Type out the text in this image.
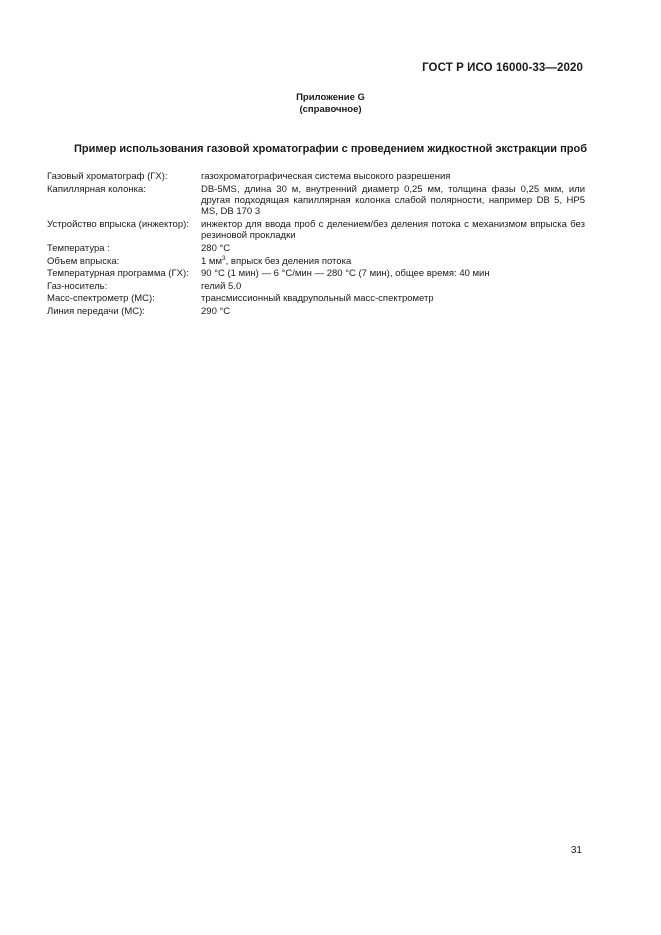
ГОСТ Р ИСО 16000-33—2020
Приложение G
(справочное)
Пример использования газовой хроматографии с проведением жидкостной экстракции проб
Газовый хроматограф (ГХ):	газохроматографическая система высокого разрешения
Капиллярная колонка:	DB-5MS, длина 30 м, внутренний диаметр 0,25 мм, толщина фазы 0,25 мкм, или другая подходящая капиллярная колонка слабой полярности, например DB 5, HP5 MS, DB 170 3
Устройство впрыска (инжектор):	инжектор для ввода проб с делением/без деления потока с механизмом впрыска без резиновой прокладки
Температура :	280 °C
Объем впрыска:	1 $мм^3$, впрыск без деления потока
Температурная программа (ГХ):	90 °C (1 мин) — 6 °C/мин — 280 °C (7 мин), общее время: 40 мин
Газ-носитель:	гелий 5.0
Масс-спектрометр (МС):	трансмиссионный квадрупольный масс-спектрометр
Линия передачи (МС):	290 °C
31
